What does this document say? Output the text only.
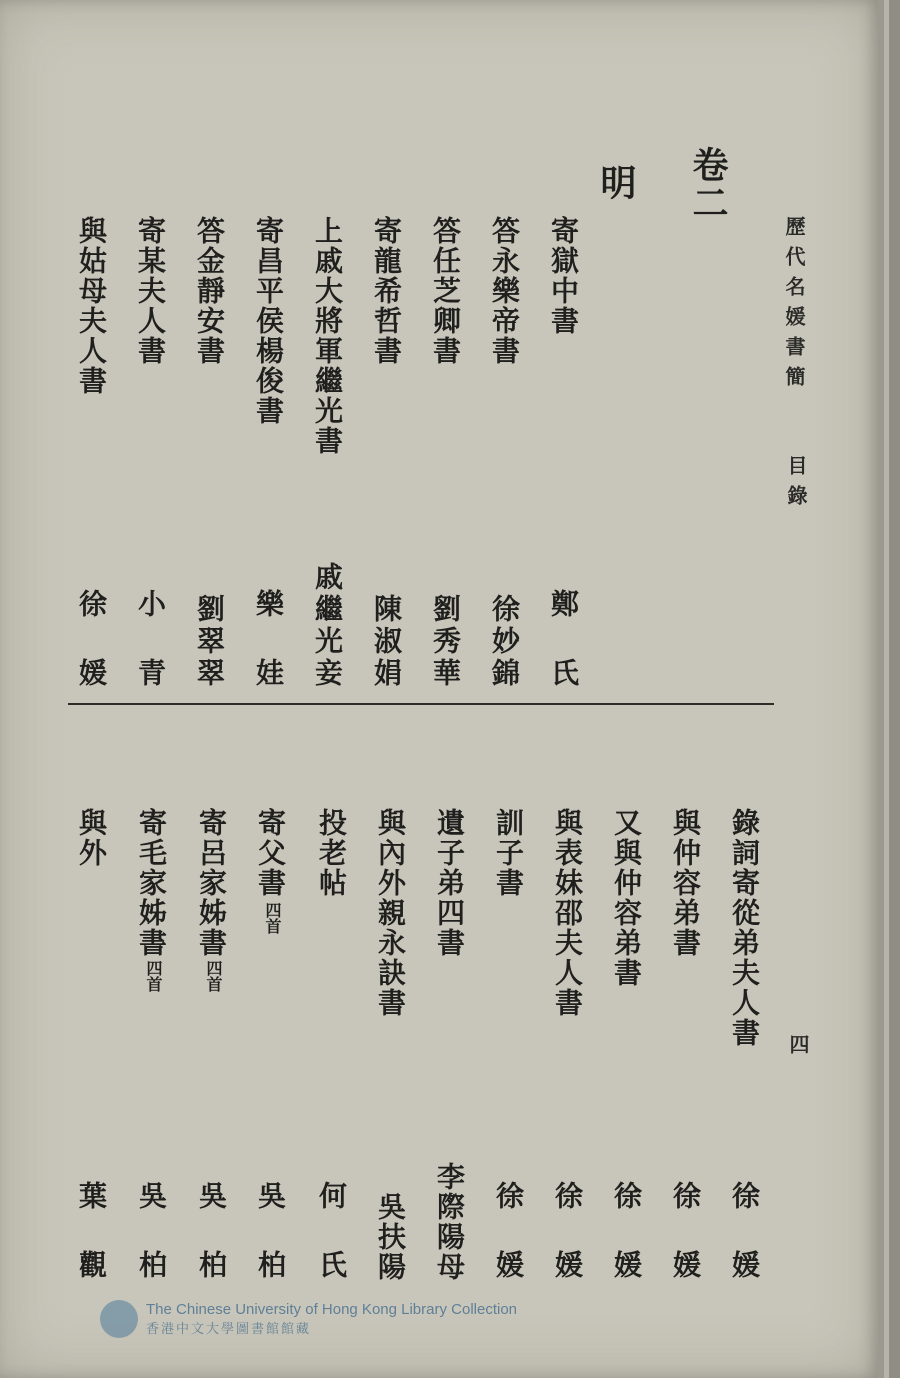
歷代名媛書簡
目錄
四
卷二
明
寄獄中書
答永樂帝書
答任芝卿書
寄龍希哲書
上戚大將軍繼光書
寄昌平侯楊俊書
答金靜安書
寄某夫人書
與姑母夫人書
鄭 氏
徐妙錦
劉秀華
陳淑娟
戚繼光妾
樂 娃
劉翠翠
小 青
徐 媛
錄詞寄從弟夫人書
與仲容弟書
又與仲容弟書
與表妹邵夫人書
訓子書
遺子弟四書
與內外親永訣書
投老帖
寄父書
四首
寄呂家姊書
四首
寄毛家姊書
四首
與外
徐 媛
徐 媛
徐 媛
徐 媛
徐 媛
李際陽母
吳扶陽
何 氏
吳 柏
吳 柏
吳 柏
葉 觀
The Chinese University of Hong Kong Library Collection
香港中文大學圖書館館藏
